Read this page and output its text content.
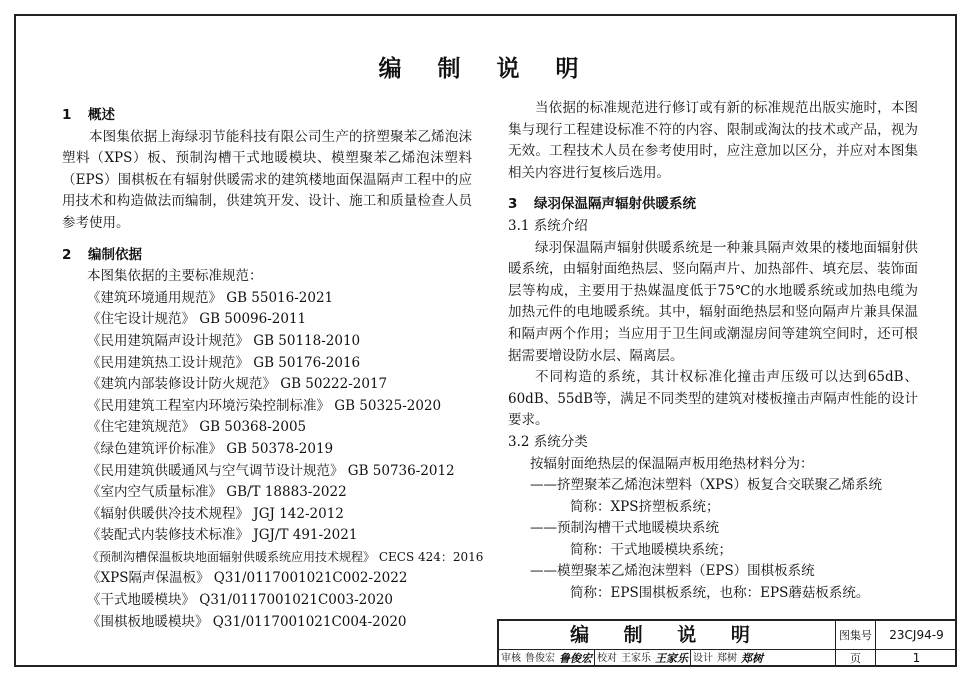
编 制 说 明
1 概述
本图集依据上海绿羽节能科技有限公司生产的挤塑聚苯乙烯泡沫塑料（XPS）板、预制沟槽干式地暖模块、模塑聚苯乙烯泡沫塑料（EPS）围棋板在有辐射供暖需求的建筑楼地面保温隔声工程中的应用技术和构造做法而编制，供建筑开发、设计、施工和质量检查人员参考使用。
2 编制依据
本图集依据的主要标准规范：
《建筑环境通用规范》 GB 55016-2021
《住宅设计规范》 GB 50096-2011
《民用建筑隔声设计规范》 GB 50118-2010
《民用建筑热工设计规范》 GB 50176-2016
《建筑内部装修设计防火规范》 GB 50222-2017
《民用建筑工程室内环境污染控制标准》 GB 50325-2020
《住宅建筑规范》 GB 50368-2005
《绿色建筑评价标准》 GB 50378-2019
《民用建筑供暖通风与空气调节设计规范》 GB 50736-2012
《室内空气质量标准》 GB/T 18883-2022
《辐射供暖供冷技术规程》 JGJ 142-2012
《装配式内装修技术标准》 JGJ/T 491-2021
《预制沟槽保温板块地面辐射供暖系统应用技术规程》 CECS 424：2016
《XPS隔声保温板》 Q31/0117001021C002-2022
《干式地暖模块》 Q31/0117001021C003-2020
《围棋板地暖模块》 Q31/0117001021C004-2020
当依据的标准规范进行修订或有新的标准规范出版实施时，本图集与现行工程建设标准不符的内容、限制或淘汰的技术或产品，视为无效。工程技术人员在参考使用时，应注意加以区分，并应对本图集相关内容进行复核后选用。
3 绿羽保温隔声辐射供暖系统
3.1 系统介绍
绿羽保温隔声辐射供暖系统是一种兼具隔声效果的楼地面辐射供暖系统，由辐射面绝热层、竖向隔声片、加热部件、填充层、装饰面层等构成，主要用于热媒温度低于75℃的水地暖系统或加热电缆为加热元件的电地暖系统。其中，辐射面绝热层和竖向隔声片兼具保温和隔声两个作用；当应用于卫生间或潮湿房间等建筑空间时，还可根据需要增设防水层、隔离层。
不同构造的系统，其计权标准化撞击声压级可以达到65dB、60dB、55dB等，满足不同类型的建筑对楼板撞击声隔声性能的设计要求。
3.2 系统分类
按辐射面绝热层的保温隔声板用绝热材料分为：
——挤塑聚苯乙烯泡沫塑料（XPS）板复合交联聚乙烯系统
简称：XPS挤塑板系统；
——预制沟槽干式地暖模块系统
简称：干式地暖模块系统；
——模塑聚苯乙烯泡沫塑料（EPS）围棋板系统
简称：EPS围棋板系统，也称：EPS蘑菇板系统。
编 制 说 明	图集号	23CJ94-9
审核 鲁俊宏 鲁俊宏 校对 王家乐 王家乐 设计 郑树 郑树	页	1
